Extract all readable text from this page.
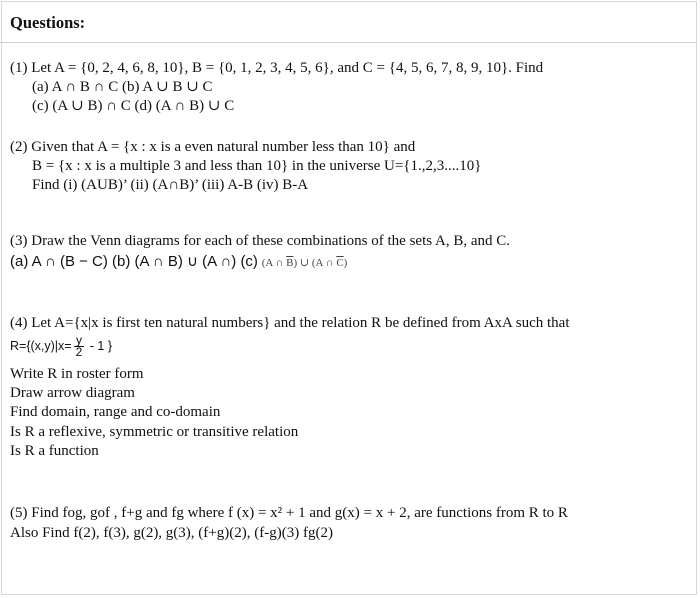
Questions:
(1) Let A = {0, 2, 4, 6, 8, 10}, B = {0, 1, 2, 3, 4, 5, 6}, and C = {4, 5, 6, 7, 8, 9, 10}. Find
(a) A ∩ B ∩ C (b) A ∪ B ∪ C
(c) (A ∪ B) ∩ C (d) (A ∩ B) ∪ C
(2) Given that A = {x : x is a even natural number less than 10} and
B = {x : x is a multiple 3 and less than 10} in the universe U={1.,2,3....10}
Find (i) (AUB)’ (ii) (A∩B)’ (iii) A-B (iv) B-A
(3) Draw the Venn diagrams for each of these combinations of the sets A, B, and C.
(a) A ∩ (B − C) (b) (A ∩ B) ∪ (A ∩) (c) (A ∩ $\overline{B}$) ∪ (A ∩ $\overline{C}$)
(4) Let A={x|x is first ten natural numbers} and the relation R be defined from AxA such that
$R=\{(x,y)|x= \frac{y}{2} - 1$ }
Write R in roster form
Draw arrow diagram
Find domain, range and co-domain
Is R a reflexive, symmetric or transitive relation
Is R a function
(5) Find fog, gof , f+g and fg where f (x) = x² + 1 and g(x) = x + 2, are functions from R to R
Also Find f(2), f(3), g(2), g(3), (f+g)(2), (f-g)(3) fg(2)
